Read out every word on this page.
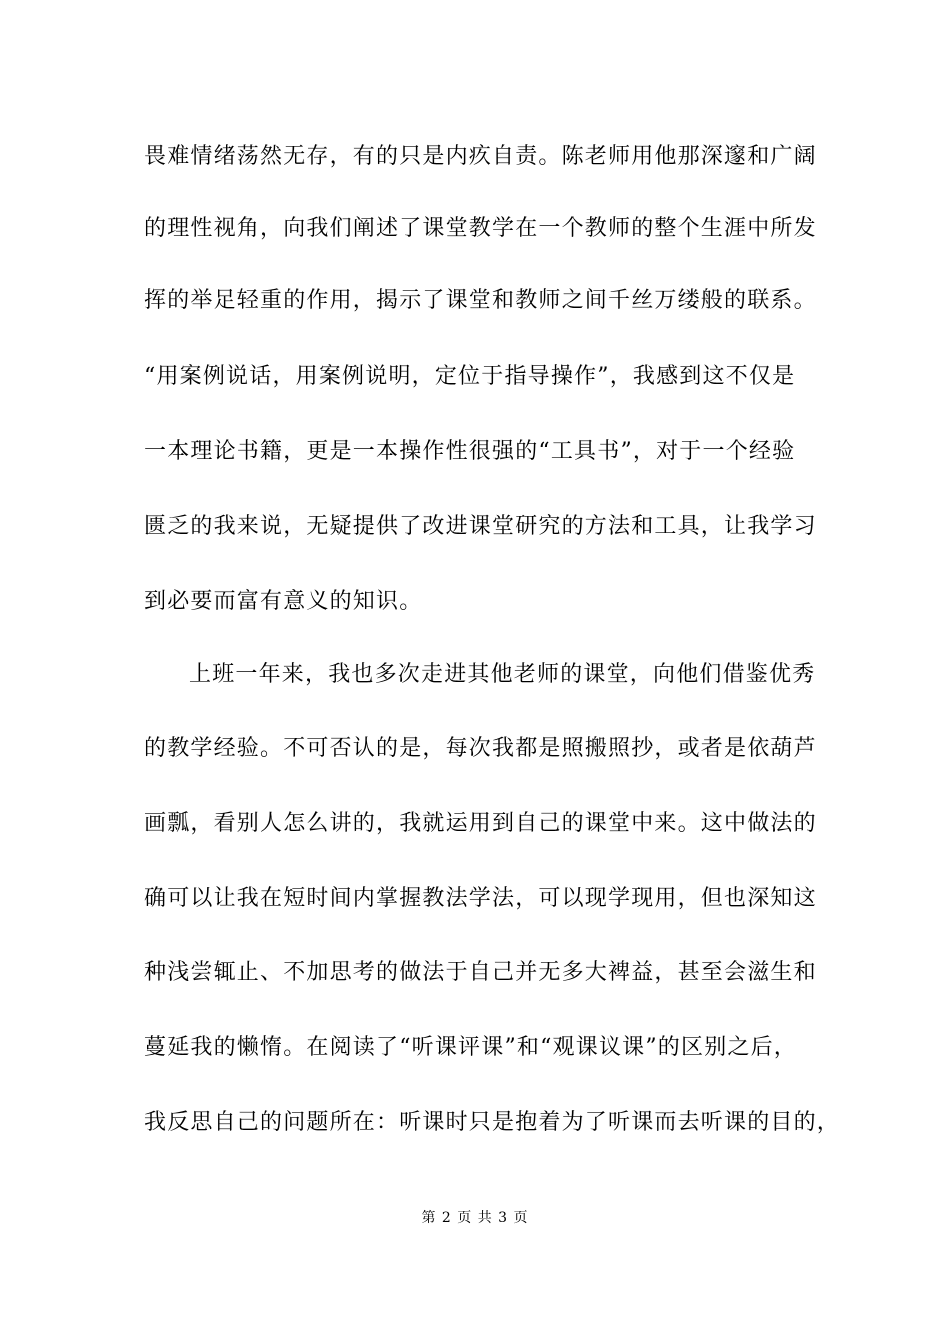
畏难情绪荡然无存，有的只是内疚自责。陈老师用他那深邃和广阔
的理性视角，向我们阐述了课堂教学在一个教师的整个生涯中所发
挥的举足轻重的作用，揭示了课堂和教师之间千丝万缕般的联系。
“用案例说话，用案例说明，定位于指导操作”，我感到这不仅是
一本理论书籍，更是一本操作性很强的“工具书”，对于一个经验
匮乏的我来说，无疑提供了改进课堂研究的方法和工具，让我学习
到必要而富有意义的知识。
上班一年来，我也多次走进其他老师的课堂，向他们借鉴优秀
的教学经验。不可否认的是，每次我都是照搬照抄，或者是依葫芦
画瓢，看别人怎么讲的，我就运用到自己的课堂中来。这中做法的
确可以让我在短时间内掌握教法学法，可以现学现用，但也深知这
种浅尝辄止、不加思考的做法于自己并无多大裨益，甚至会滋生和
蔓延我的懒惰。在阅读了“听课评课”和“观课议课”的区别之后，
我反思自己的问题所在：听课时只是抱着为了听课而去听课的目的，
第 2 页 共 3 页
